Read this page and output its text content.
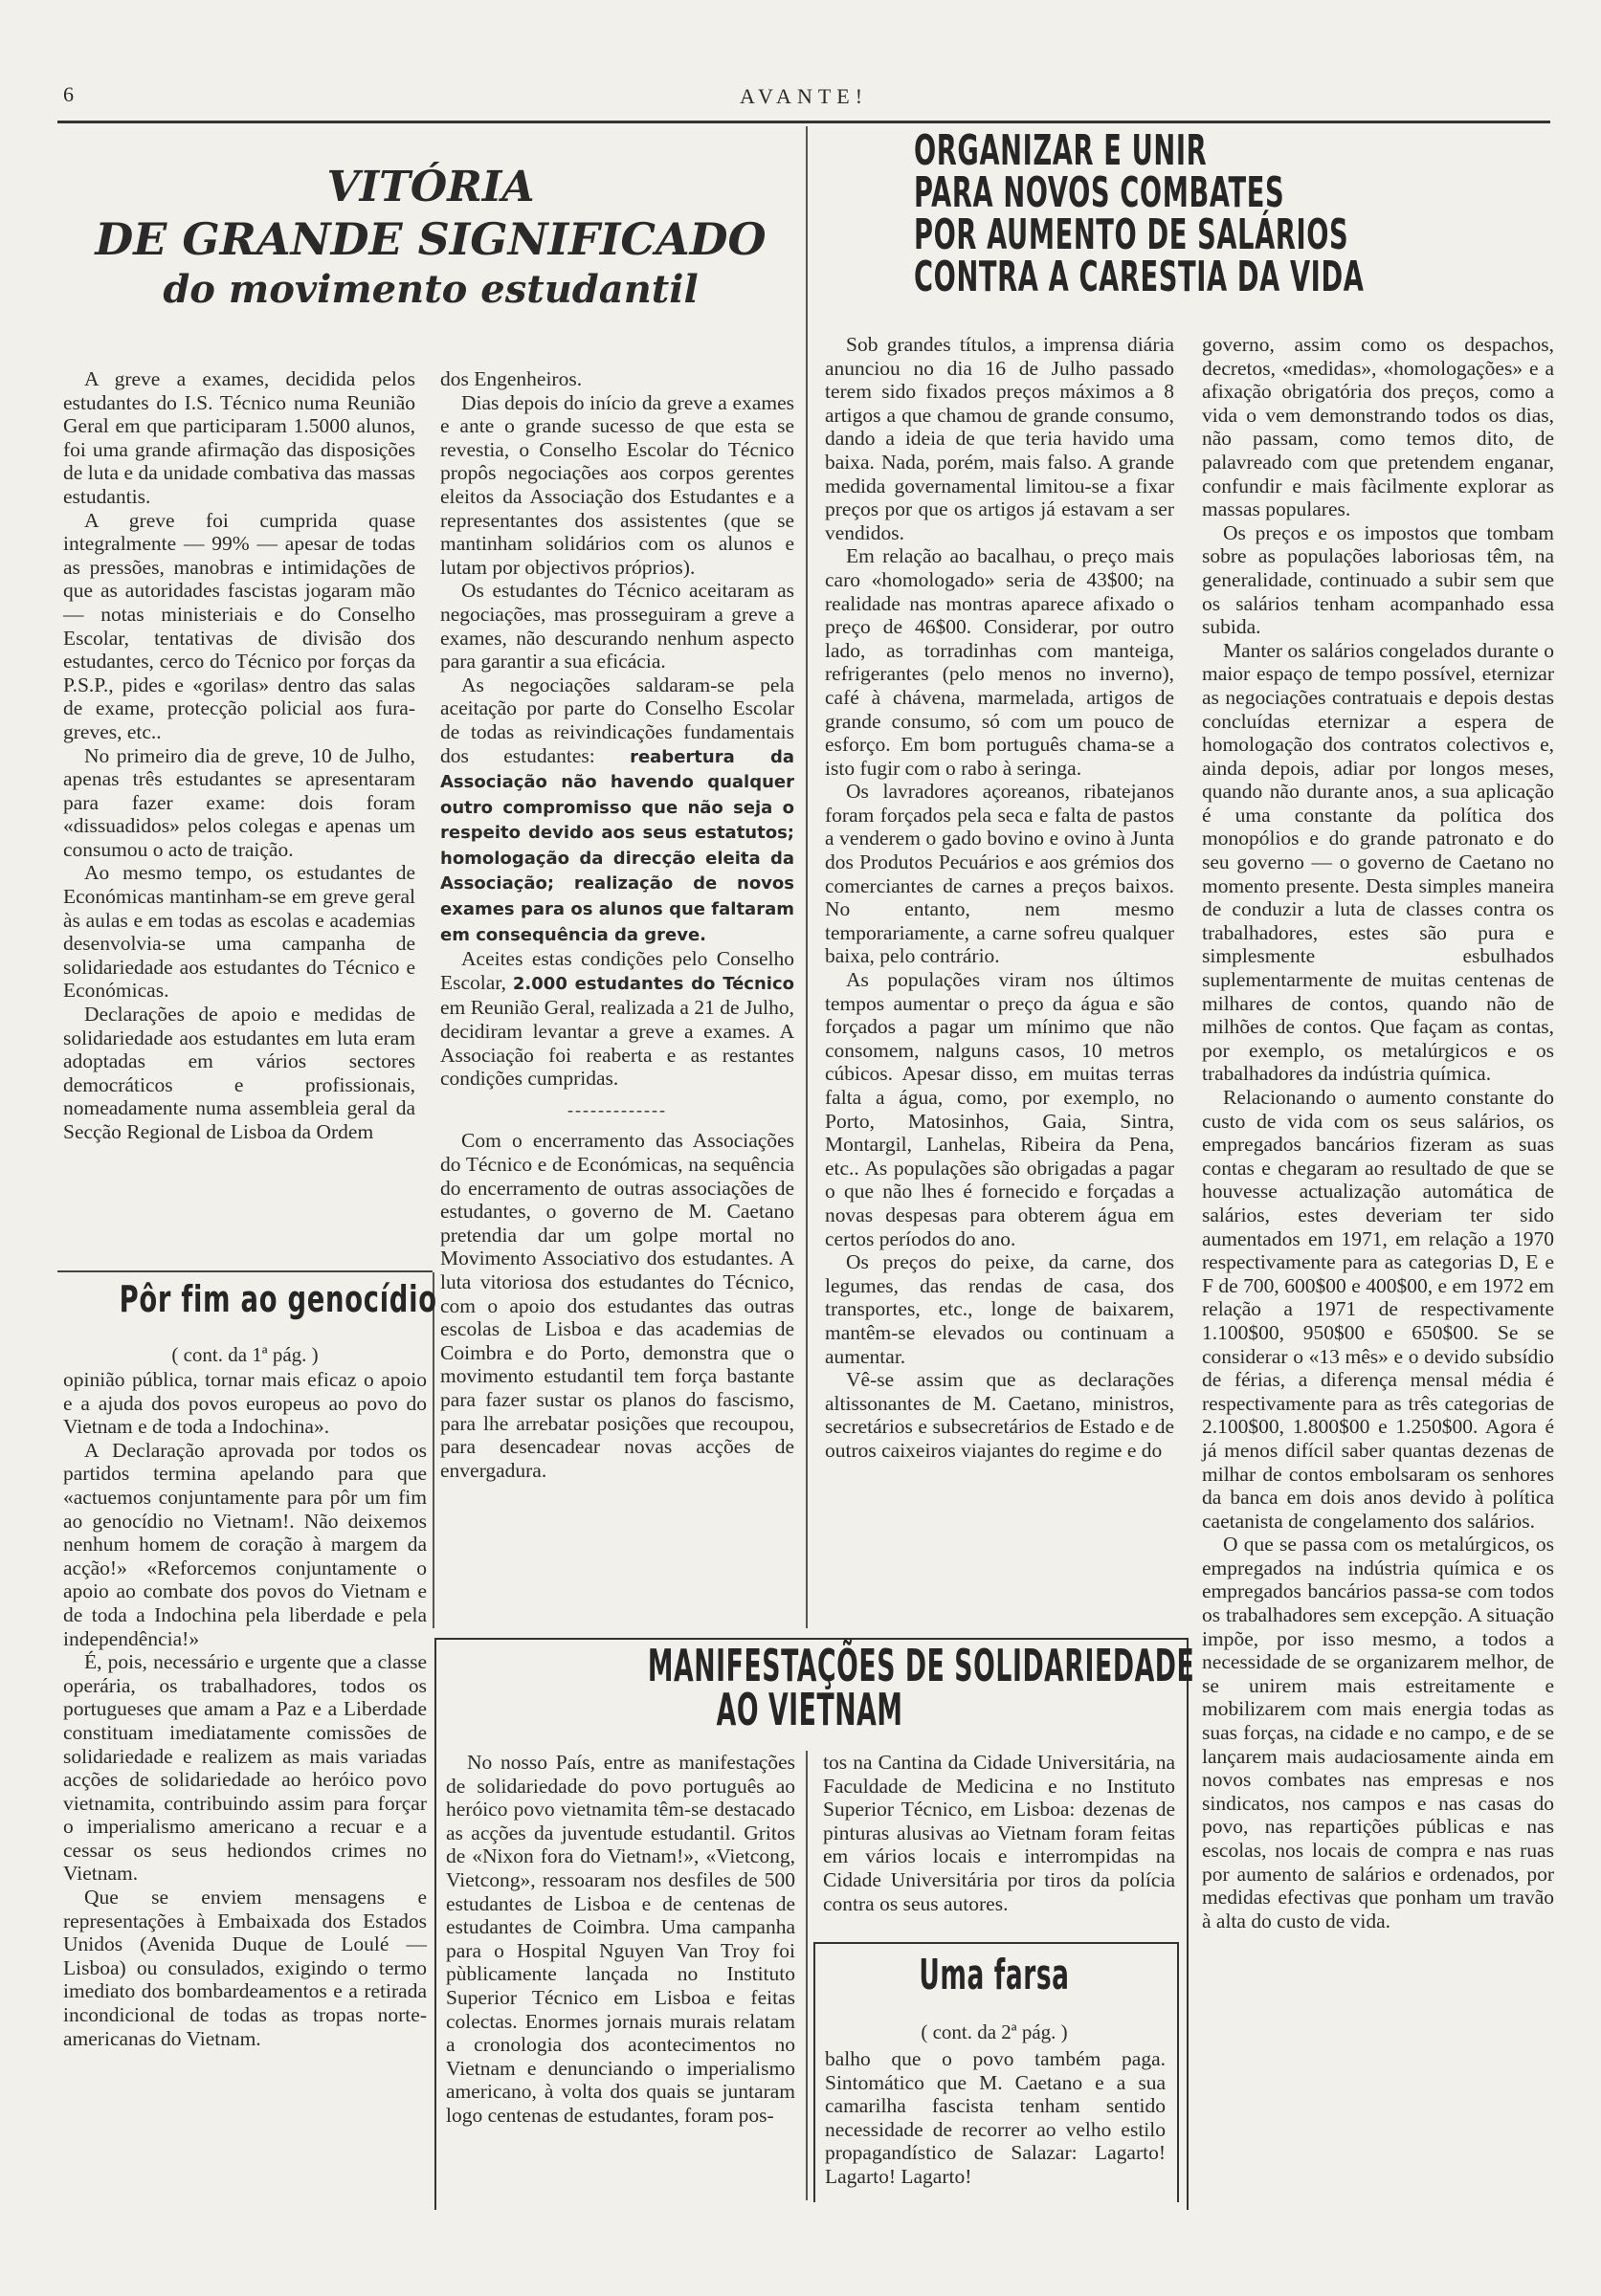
6	AVANTE!
VITÓRIA
DE GRANDE SIGNIFICADO
do movimento estudantil

A greve a exames, decidida pelos estudantes do I.S. Técnico numa Reunião Geral em que participaram 1.5000 alunos, foi uma grande afirmação das disposições de luta e da unidade combativa das massas estudantis.

A greve foi cumprida quase integralmente — 99% — apesar de todas as pressões, manobras e intimidações de que as autoridades fascistas jogaram mão — notas ministeriais e do Conselho Escolar, tentativas de divisão dos estudantes, cerco do Técnico por forças da P.S.P., pides e «gorilas» dentro das salas de exame, protecção policial aos fura-greves, etc..

No primeiro dia de greve, 10 de Julho, apenas três estudantes se apresentaram para fazer exame: dois foram «dissuadidos» pelos colegas e apenas um consumou o acto de traição.

Ao mesmo tempo, os estudantes de Económicas mantinham-se em greve geral às aulas e em todas as escolas e academias desenvolvia-se uma campanha de solidariedade aos estudantes do Técnico e Económicas.

Declarações de apoio e medidas de solidariedade aos estudantes em luta eram adoptadas em vários sectores democráticos e profissionais, nomeadamente numa assembleia geral da Secção Regional de Lisboa da Ordem

dos Engenheiros.

Dias depois do início da greve a exames e ante o grande sucesso de que esta se revestia, o Conselho Escolar do Técnico propôs negociações aos corpos gerentes eleitos da Associação dos Estudantes e a representantes dos assistentes (que se mantinham solidários com os alunos e lutam por objectivos próprios).

Os estudantes do Técnico aceitaram as negociações, mas prosseguiram a greve a exames, não descurando nenhum aspecto para garantir a sua eficácia.

As negociações saldaram-se pela aceitação por parte do Conselho Escolar de todas as reivindicações fundamentais dos estudantes: reabertura da Associação não havendo qualquer outro compromisso que não seja o respeito devido aos seus estatutos; homologação da direcção eleita da Associação; realização de novos exames para os alunos que faltaram em consequência da greve.

Aceites estas condições pelo Conselho Escolar, 2.000 estudantes do Técnico em Reunião Geral, realizada a 21 de Julho, decidiram levantar a greve a exames. A Associação foi reaberta e as restantes condições cumpridas.

-------------

Com o encerramento das Associações do Técnico e de Económicas, na sequência do encerramento de outras associações de estudantes, o governo de M. Caetano pretendia dar um golpe mortal no Movimento Associativo dos estudantes. A luta vitoriosa dos estudantes do Técnico, com o apoio dos estudantes das outras escolas de Lisboa e das academias de Coimbra e do Porto, demonstra que o movimento estudantil tem força bastante para fazer sustar os planos do fascismo, para lhe arrebatar posições que recoupou, para desencadear novas acções de envergadura.

Pôr fim ao genocídio
( cont. da 1ª pág. )

opinião pública, tornar mais eficaz o apoio e a ajuda dos povos europeus ao povo do Vietnam e de toda a Indochina».

A Declaração aprovada por todos os partidos termina apelando para que «actuemos conjuntamente para pôr um fim ao genocídio no Vietnam!. Não deixemos nenhum homem de coração à margem da acção!» «Reforcemos conjuntamente o apoio ao combate dos povos do Vietnam e de toda a Indochina pela liberdade e pela independência!»

É, pois, necessário e urgente que a classe operária, os trabalhadores, todos os portugueses que amam a Paz e a Liberdade constituam imediatamente comissões de solidariedade e realizem as mais variadas acções de solidariedade ao heróico povo vietnamita, contribuindo assim para forçar o imperialismo americano a recuar e a cessar os seus hediondos crimes no Vietnam.

Que se enviem mensagens e representações à Embaixada dos Estados Unidos (Avenida Duque de Loulé — Lisboa) ou consulados, exigindo o termo imediato dos bombardeamentos e a retirada incondicional de todas as tropas norte-americanas do Vietnam.

ORGANIZAR E UNIR
PARA NOVOS COMBATES
POR AUMENTO DE SALÁRIOS
CONTRA A CARESTIA DA VIDA

Sob grandes títulos, a imprensa diária anunciou no dia 16 de Julho passado terem sido fixados preços máximos a 8 artigos a que chamou de grande consumo, dando a ideia de que teria havido uma baixa. Nada, porém, mais falso. A grande medida governamental limitou-se a fixar preços por que os artigos já estavam a ser vendidos.

Em relação ao bacalhau, o preço mais caro «homologado» seria de 43$00; na realidade nas montras aparece afixado o preço de 46$00. Considerar, por outro lado, as torradinhas com manteiga, refrigerantes (pelo menos no inverno), café à chávena, marmelada, artigos de grande consumo, só com um pouco de esforço. Em bom português chama-se a isto fugir com o rabo à seringa.

Os lavradores açoreanos, ribatejanos foram forçados pela seca e falta de pastos a venderem o gado bovino e ovino à Junta dos Produtos Pecuários e aos grémios dos comerciantes de carnes a preços baixos. No entanto, nem mesmo temporariamente, a carne sofreu qualquer baixa, pelo contrário.

As populações viram nos últimos tempos aumentar o preço da água e são forçados a pagar um mínimo que não consomem, nalguns casos, 10 metros cúbicos. Apesar disso, em muitas terras falta a água, como, por exemplo, no Porto, Matosinhos, Gaia, Sintra, Montargil, Lanhelas, Ribeira da Pena, etc.. As populações são obrigadas a pagar o que não lhes é fornecido e forçadas a novas despesas para obterem água em certos períodos do ano.

Os preços do peixe, da carne, dos legumes, das rendas de casa, dos transportes, etc., longe de baixarem, mantêm-se elevados ou continuam a aumentar.

Vê-se assim que as declarações altissonantes de M. Caetano, ministros, secretários e subsecretários de Estado e de outros caixeiros viajantes do regime e do

governo, assim como os despachos, decretos, «medidas», «homologações» e a afixação obrigatória dos preços, como a vida o vem demonstrando todos os dias, não passam, como temos dito, de palavreado com que pretendem enganar, confundir e mais fàcilmente explorar as massas populares.

Os preços e os impostos que tombam sobre as populações laboriosas têm, na generalidade, continuado a subir sem que os salários tenham acompanhado essa subida.

Manter os salários congelados durante o maior espaço de tempo possível, eternizar as negociações contratuais e depois destas concluídas eternizar a espera de homologação dos contratos colectivos e, ainda depois, adiar por longos meses, quando não durante anos, a sua aplicação é uma constante da política dos monopólios e do grande patronato e do seu governo — o governo de Caetano no momento presente. Desta simples maneira de conduzir a luta de classes contra os trabalhadores, estes são pura e simplesmente esbulhados suplementarmente de muitas centenas de milhares de contos, quando não de milhões de contos. Que façam as contas, por exemplo, os metalúrgicos e os trabalhadores da indústria química.

Relacionando o aumento constante do custo de vida com os seus salários, os empregados bancários fizeram as suas contas e chegaram ao resultado de que se houvesse actualização automática de salários, estes deveriam ter sido aumentados em 1971, em relação a 1970 respectivamente para as categorias D, E e F de 700, 600$00 e 400$00, e em 1972 em relação a 1971 de respectivamente 1.100$00, 950$00 e 650$00. Se se considerar o «13 mês» e o devido subsídio de férias, a diferença mensal média é respectivamente para as três categorias de 2.100$00, 1.800$00 e 1.250$00. Agora é já menos difícil saber quantas dezenas de milhar de contos embolsaram os senhores da banca em dois anos devido à política caetanista de congelamento dos salários.

O que se passa com os metalúrgicos, os empregados na indústria química e os empregados bancários passa-se com todos os trabalhadores sem excepção. A situação impõe, por isso mesmo, a todos a necessidade de se organizarem melhor, de se unirem mais estreitamente e mobilizarem com mais energia todas as suas forças, na cidade e no campo, e de se lançarem mais audaciosamente ainda em novos combates nas empresas e nos sindicatos, nos campos e nas casas do povo, nas repartições públicas e nas escolas, nos locais de compra e nas ruas por aumento de salários e ordenados, por medidas efectivas que ponham um travão à alta do custo de vida.

MANIFESTAÇÕES DE SOLIDARIEDADE
AO VIETNAM

No nosso País, entre as manifestações de solidariedade do povo português ao heróico povo vietnamita têm-se destacado as acções da juventude estudantil. Gritos de «Nixon fora do Vietnam!», «Vietcong, Vietcong», ressoaram nos desfiles de 500 estudantes de Lisboa e de centenas de estudantes de Coimbra. Uma campanha para o Hospital Nguyen Van Troy foi pùblicamente lançada no Instituto Superior Técnico em Lisboa e feitas colectas. Enormes jornais murais relatam a cronologia dos acontecimentos no Vietnam e denunciando o imperialismo americano, à volta dos quais se juntaram logo centenas de estudantes, foram pos-

tos na Cantina da Cidade Universitária, na Faculdade de Medicina e no Instituto Superior Técnico, em Lisboa: dezenas de pinturas alusivas ao Vietnam foram feitas em vários locais e interrompidas na Cidade Universitária por tiros da polícia contra os seus autores.

Uma farsa
( cont. da 2ª pág. )

balho que o povo também paga. Sintomático que M. Caetano e a sua camarilha fascista tenham sentido necessidade de recorrer ao velho estilo propagandístico de Salazar: Lagarto! Lagarto! Lagarto!
